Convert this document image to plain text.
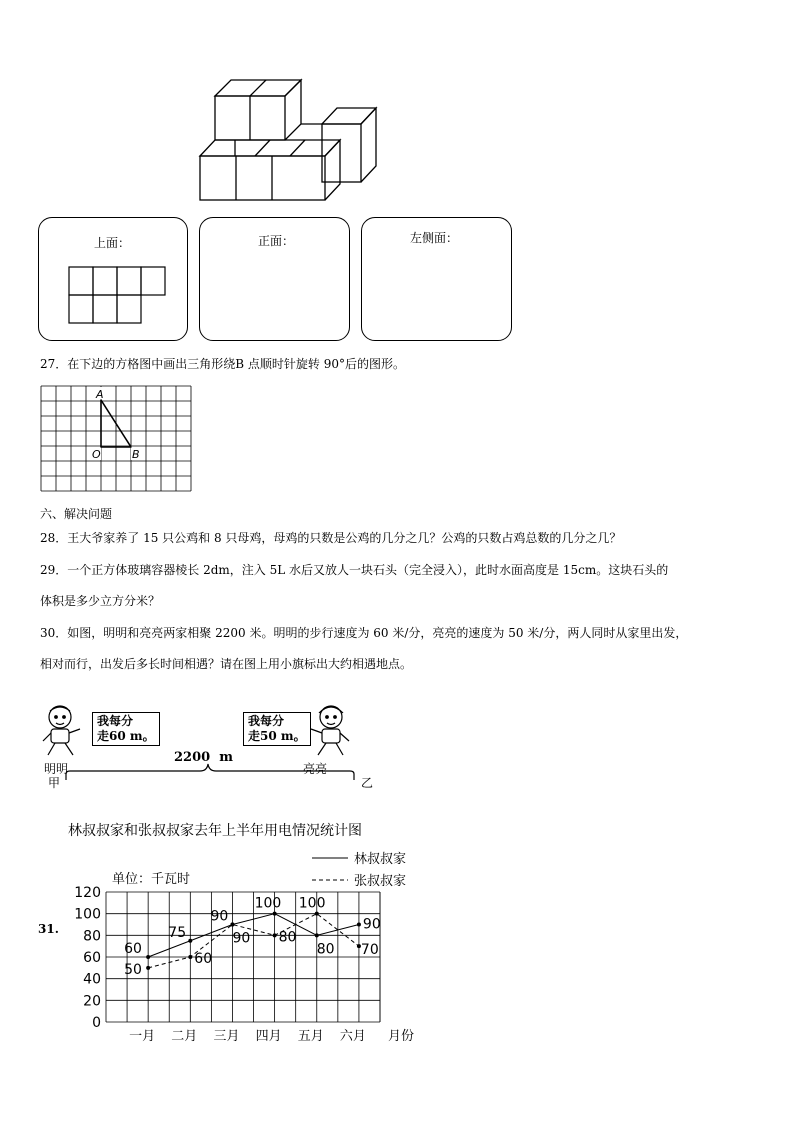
上面：	正面：	左侧面：
27．在下边的方格图中画出三角形绕B 点顺时针旋转 90°后的图形。
A
O	B
六、解决问题
28．王大爷家养了 15 只公鸡和 8 只母鸡，母鸡的只数是公鸡的几分之几？公鸡的只数占鸡总数的几分之几？
29．一个正方体玻璃容器棱长 2dm，注入 5L 水后又放人一块石头（完全浸入），此时水面高度是 15cm。这块石头的
体积是多少立方分米？
30．如图，明明和亮亮两家相聚 2200 米。明明的步行速度为 60 米/分，亮亮的速度为 50 米/分，两人同时从家里出发，
相对而行，出发后多长时间相遇？请在图上用小旗标出大约相遇地点。
我每分
走60 m。
我每分
走50 m。
2200  m
明明	亮亮
甲	乙
31.
林叔叔家和张叔叔家去年上半年用电情况统计图
0
20
40
60
80
100
120
一月 二月 三月 四月 五月 六月
60
75
90
100
80
90
50
60
90 80
100
70
单位：千瓦时
月份
林叔叔家
张叔叔家
